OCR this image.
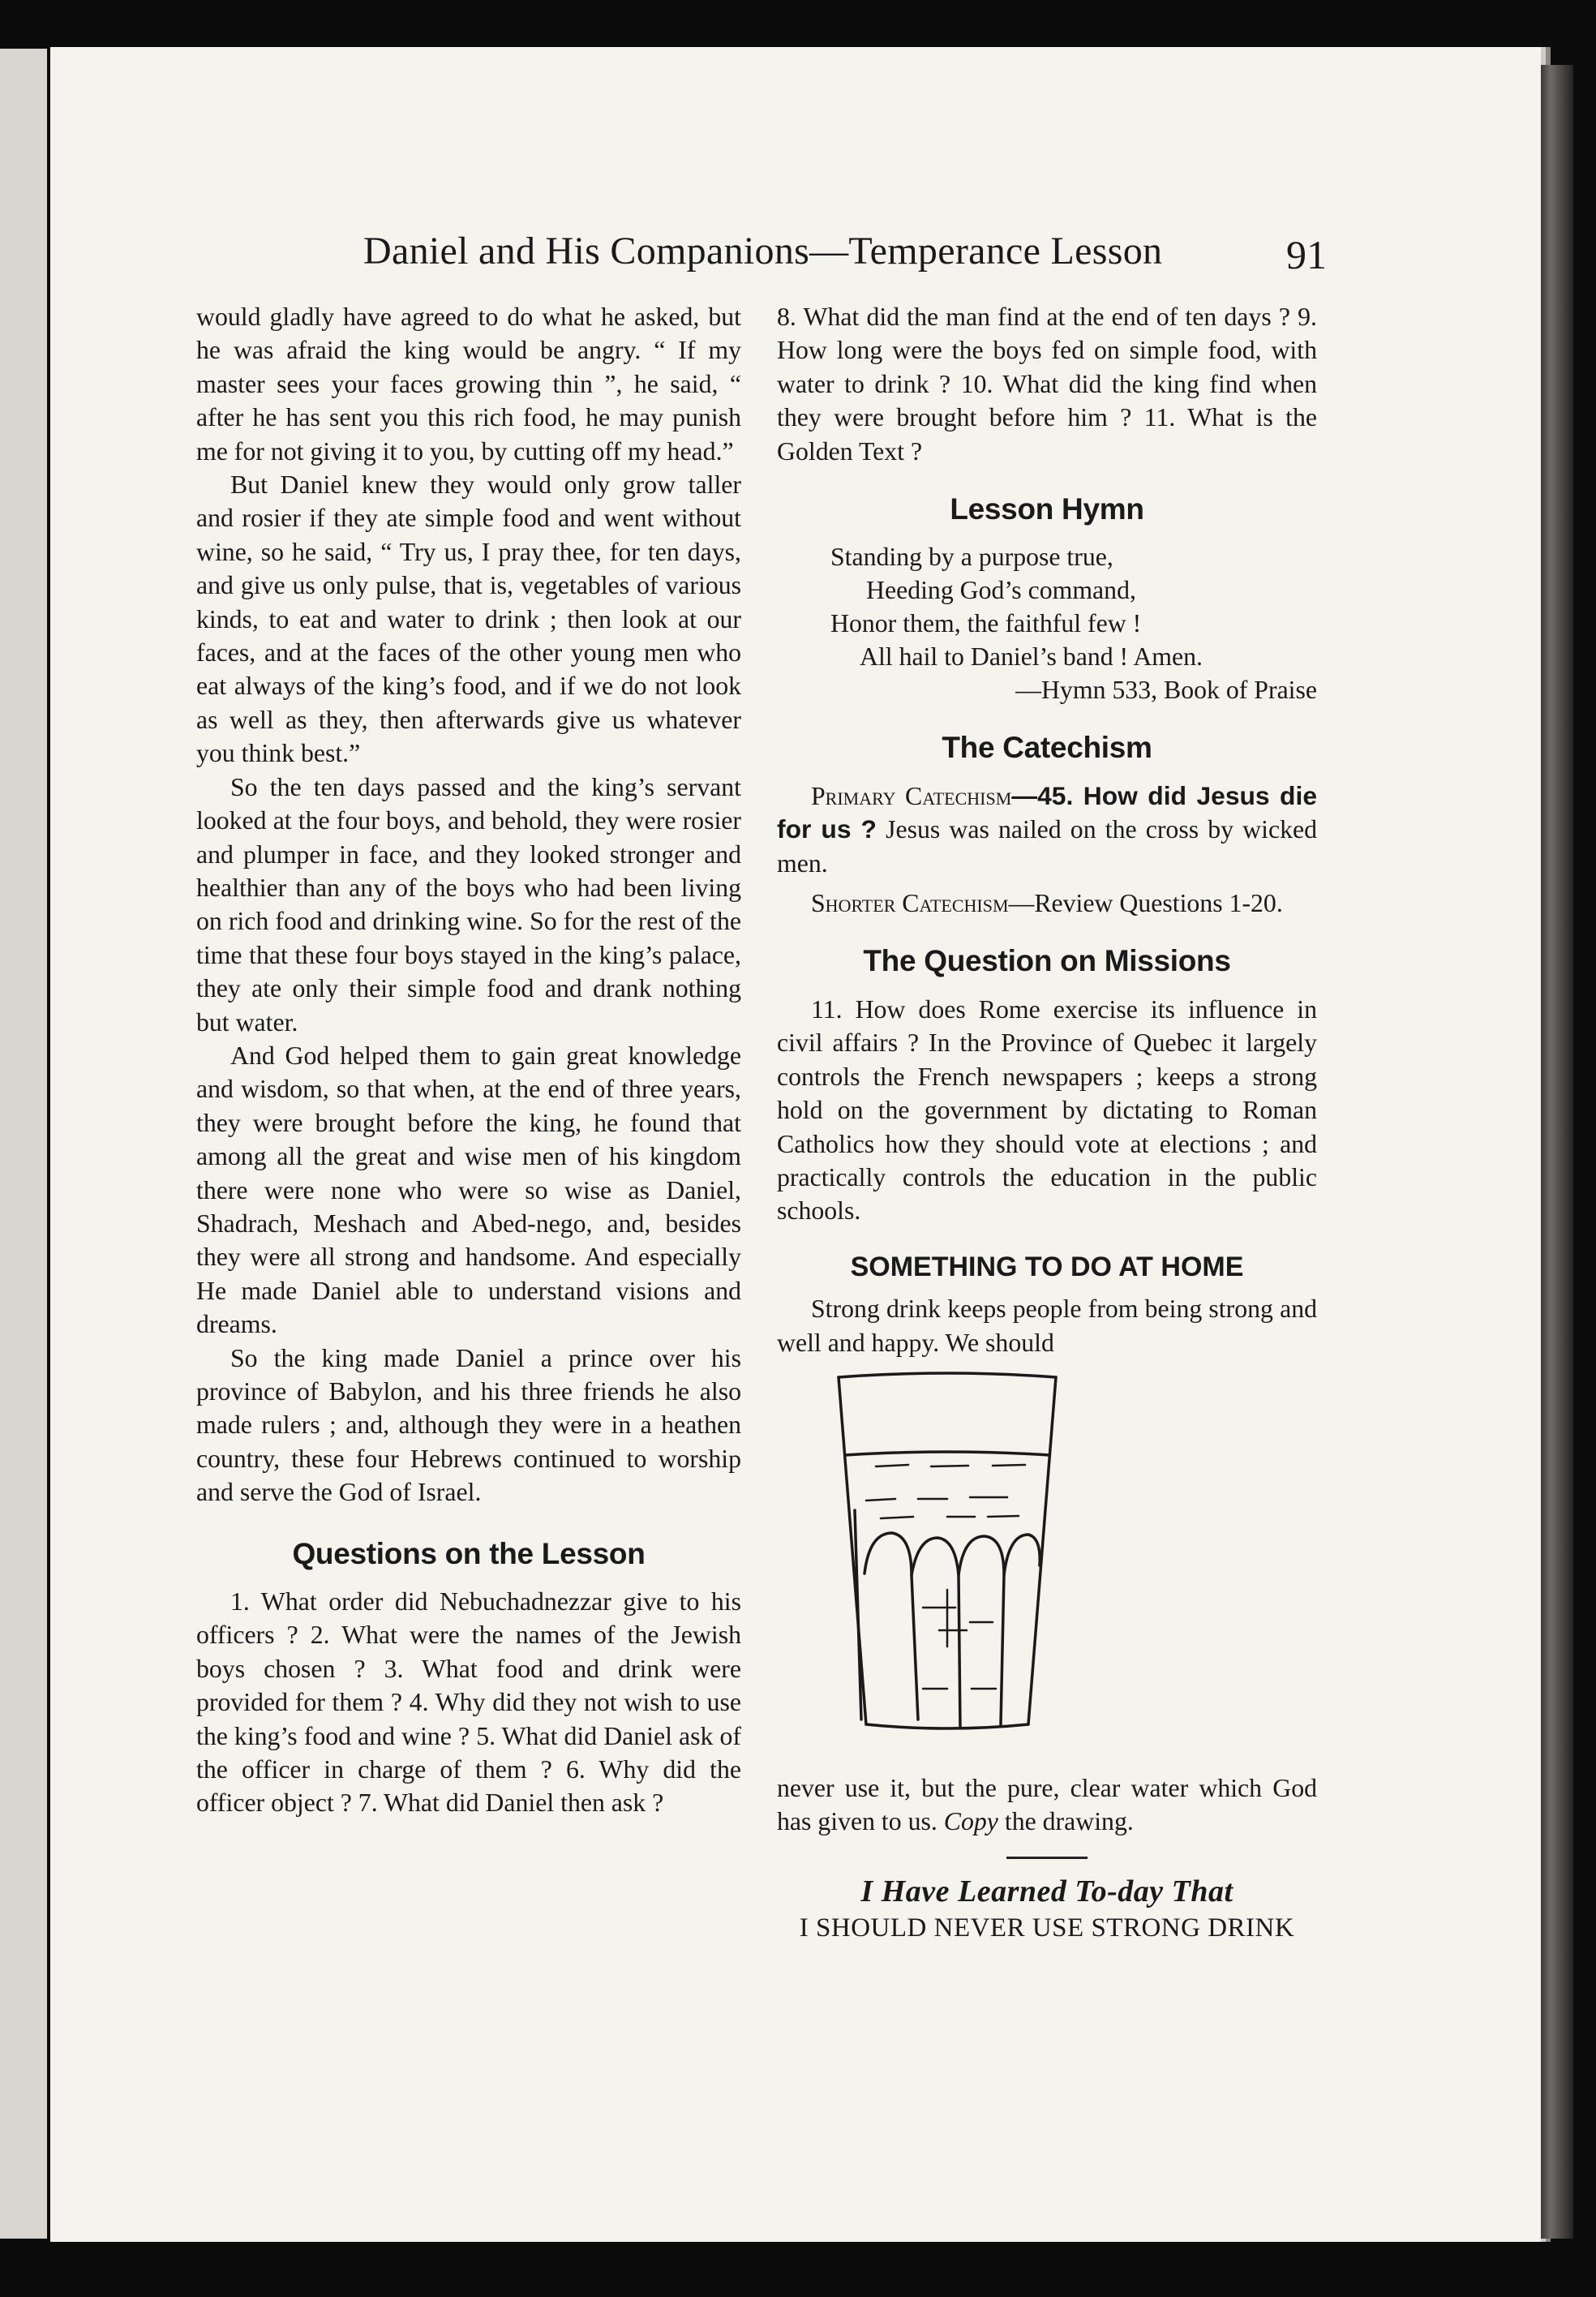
Daniel and His Companions—Temperance Lesson	91

would gladly have agreed to do what he asked, but he was afraid the king would be angry. “ If my master sees your faces growing thin ”, he said, “ after he has sent you this rich food, he may punish me for not giving it to you, by cutting off my head.”

But Daniel knew they would only grow taller and rosier if they ate simple food and went without wine, so he said, “ Try us, I pray thee, for ten days, and give us only pulse, that is, vegetables of various kinds, to eat and water to drink ; then look at our faces, and at the faces of the other young men who eat always of the king’s food, and if we do not look as well as they, then afterwards give us whatever you think best.”

So the ten days passed and the king’s servant looked at the four boys, and behold, they were rosier and plumper in face, and they looked stronger and healthier than any of the boys who had been living on rich food and drinking wine. So for the rest of the time that these four boys stayed in the king’s palace, they ate only their simple food and drank nothing but water.

And God helped them to gain great knowledge and wisdom, so that when, at the end of three years, they were brought before the king, he found that among all the great and wise men of his kingdom there were none who were so wise as Daniel, Shadrach, Meshach and Abed-nego, and, besides they were all strong and handsome. And especially He made Daniel able to understand visions and dreams.

So the king made Daniel a prince over his province of Babylon, and his three friends he also made rulers ; and, although they were in a heathen country, these four Hebrews continued to worship and serve the God of Israel.

Questions on the Lesson

1. What order did Nebuchadnezzar give to his officers ? 2. What were the names of the Jewish boys chosen ? 3. What food and drink were provided for them ? 4. Why did they not wish to use the king’s food and wine ? 5. What did Daniel ask of the officer in charge of them ? 6. Why did the officer object ? 7. What did Daniel then ask ?

8. What did the man find at the end of ten days ? 9. How long were the boys fed on simple food, with water to drink ? 10. What did the king find when they were brought before him ? 11. What is the Golden Text ?

Lesson Hymn
Standing by a purpose true,
Heeding God’s command,
Honor them, the faithful few !
All hail to Daniel’s band ! Amen.
—Hymn 533, Book of Praise
The Catechism

Primary Catechism—45. How did Jesus die for us ? Jesus was nailed on the cross by wicked men.

Shorter Catechism—Review Questions 1-20.

The Question on Missions

11. How does Rome exercise its influence in civil affairs ? In the Province of Quebec it largely controls the French newspapers ; keeps a strong hold on the government by dictating to Roman Catholics how they should vote at elections ; and practically controls the education in the public schools.

SOMETHING TO DO AT HOME

Strong drink keeps people from being strong and well and happy. We should

never use it, but the pure, clear water which God has given to us. Copy the drawing.

I Have Learned To-day That
I SHOULD NEVER USE STRONG DRINK
